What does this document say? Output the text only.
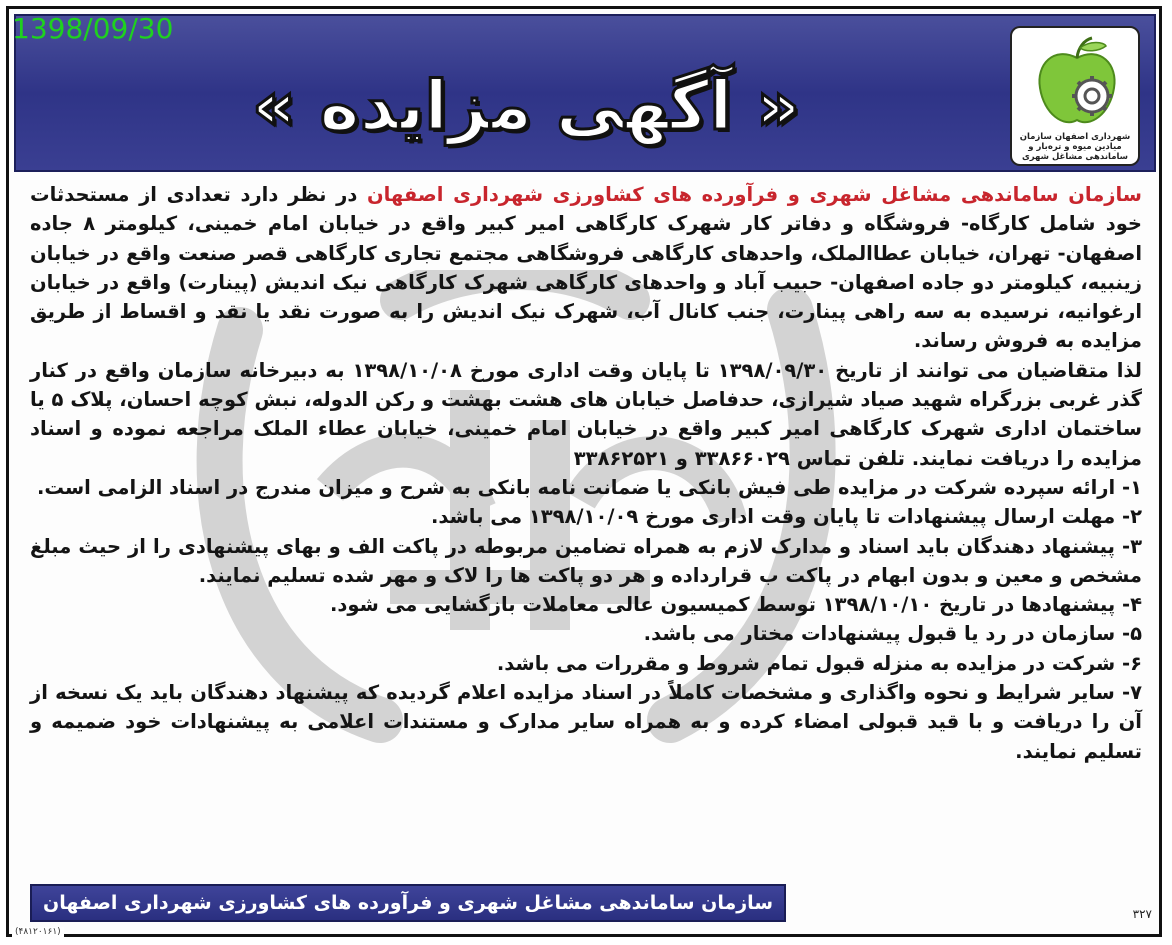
1398/09/30
« آگهی مزایده »	شهرداری اصفهان سازمان میادین میوه و تره‌بار و ساماندهی مشاغل شهری

سازمان ساماندهی مشاغل شهری و فرآورده های کشاورزی شهرداری اصفهان در نظر دارد تعدادی از مستحدثات خود شامل کارگاه- فروشگاه و دفاتر کار شهرک کارگاهی امیر کبیر واقع در خیابان امام خمینی، کیلومتر ۸ جاده اصفهان- تهران، خیابان عطاالملک، واحدهای کارگاهی فروشگاهی مجتمع تجاری کارگاهی قصر صنعت واقع در خیابان زینبیه، کیلومتر دو جاده اصفهان- حبیب آباد و واحدهای کارگاهی شهرک کارگاهی نیک اندیش (پینارت) واقع در خیابان ارغوانیه، نرسیده به سه راهی پینارت، جنب کانال آب، شهرک نیک اندیش را به صورت نقد یا نقد و اقساط از طریق مزایده به فروش رساند.

لذا متقاضیان می توانند از تاریخ ۱۳۹۸/۰۹/۳۰ تا پایان وقت اداری مورخ ۱۳۹۸/۱۰/۰۸ به دبیرخانه سازمان واقع در کنار گذر غربی بزرگراه شهید صیاد شیرازی، حدفاصل خیابان های هشت بهشت و رکن الدوله، نبش کوچه احسان، پلاک ۵ یا ساختمان اداری شهرک کارگاهی امیر کبیر واقع در خیابان امام خمینی، خیابان عطاء الملک مراجعه نموده و اسناد مزایده را دریافت نمایند. تلفن تماس ۳۳۸۶۶۰۲۹ و ۳۳۸۶۲۵۲۱

۱- ارائه سپرده شرکت در مزایده طی فیش بانکی یا ضمانت نامه بانکی به شرح و میزان مندرج در اسناد الزامی است.

۲- مهلت ارسال پیشنهادات تا پایان وقت اداری مورخ ۱۳۹۸/۱۰/۰۹ می باشد.

۳- پیشنهاد دهندگان باید اسناد و مدارک لازم به همراه تضامین مربوطه در پاکت الف و بهای پیشنهادی را از حیث مبلغ مشخص و معین و بدون ابهام در پاکت ب قرارداده و هر دو پاکت ها را لاک و مهر شده تسلیم نمایند.

۴- پیشنهادها در تاریخ ۱۳۹۸/۱۰/۱۰ توسط کمیسیون عالی معاملات بازگشایی می شود.

۵- سازمان در رد یا قبول پیشنهادات مختار می باشد.

۶- شرکت در مزایده به منزله قبول تمام شروط و مقررات می باشد.

۷- سایر شرایط و نحوه واگذاری و مشخصات کاملاً در اسناد مزایده اعلام گردیده که پیشنهاد دهندگان باید یک نسخه از آن را دریافت و با قید قبولی امضاء کرده و به همراه سایر مدارک و مستندات اعلامی به پیشنهادات خود ضمیمه و تسلیم نمایند.

سازمان ساماندهی مشاغل شهری و فرآورده های کشاورزی شهرداری اصفهان	۳۲۷
(۴۸۱۲۰۱۶۱)
